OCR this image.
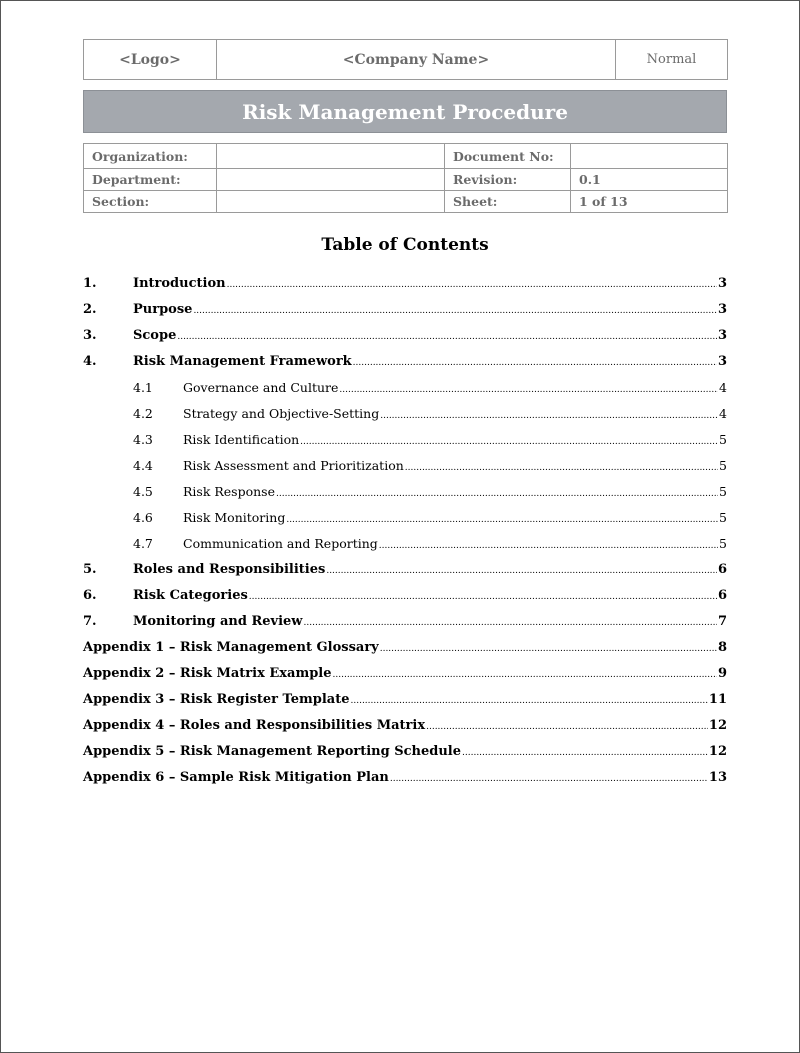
<Logo>	<Company Name>	Normal
Risk Management Procedure
Organization:		Document No:	
Department:		Revision:	0.1
Section:		Sheet:	1 of 13
Table of Contents
1.	Introduction .....	3
2.	Purpose .....	3
3.	Scope .....	3
4.	Risk Management Framework .....	3
4.1	Governance and Culture .....	4
4.2	Strategy and Objective-Setting .....	4
4.3	Risk Identification .....	5
4.4	Risk Assessment and Prioritization .....	5
4.5	Risk Response .....	5
4.6	Risk Monitoring .....	5
4.7	Communication and Reporting .....	5
5.	Roles and Responsibilities .....	6
6.	Risk Categories .....	6
7.	Monitoring and Review .....	7
Appendix 1 – Risk Management Glossary .....	8
Appendix 2 – Risk Matrix Example .....	9
Appendix 3 – Risk Register Template .....	11
Appendix 4 – Roles and Responsibilities Matrix .....	12
Appendix 5 – Risk Management Reporting Schedule .....	12
Appendix 6 – Sample Risk Mitigation Plan .....	13
